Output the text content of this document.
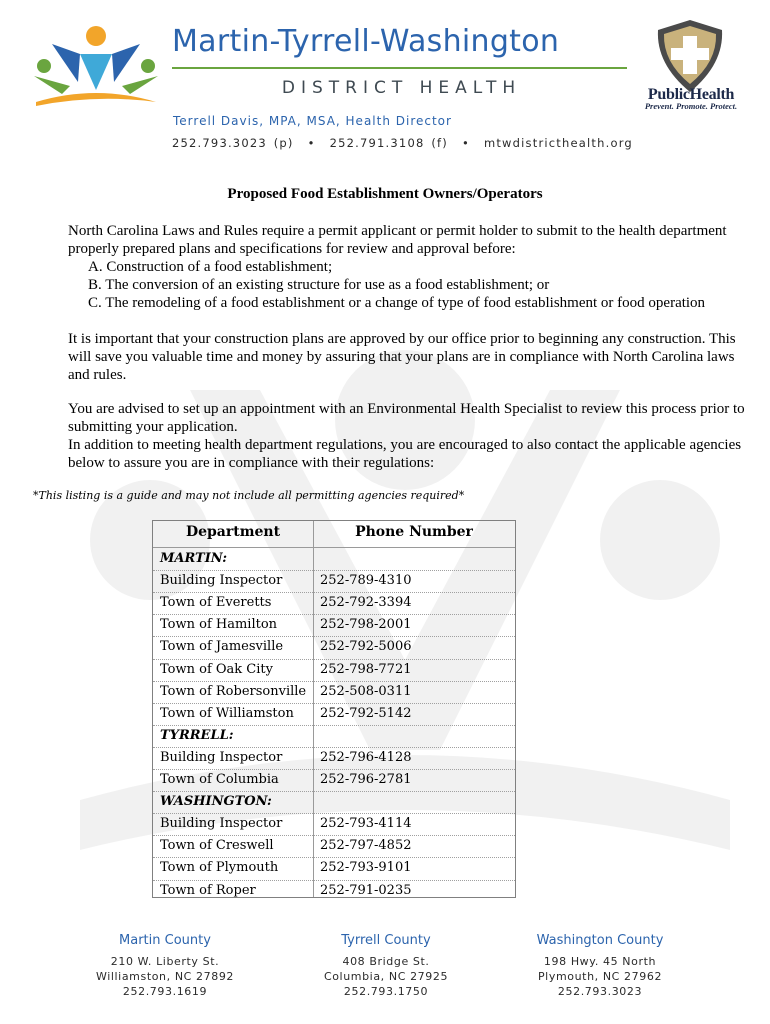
Martin-Tyrrell-Washington
DISTRICT HEALTH
Terrell Davis, MPA, MSA, Health Director
252.793.3023 (p) • 252.791.3108 (f) • mtwdistricthealth.org
PublicHealth
Prevent. Promote. Protect.
Proposed Food Establishment Owners/Operators

North Carolina Laws and Rules require a permit applicant or permit holder to submit to the health department properly prepared plans and specifications for review and approval before:

A. Construction of a food establishment;

B. The conversion of an existing structure for use as a food establishment; or

C. The remodeling of a food establishment or a change of type of food establishment or food operation

It is important that your construction plans are approved by our office prior to beginning any construction. This will save you valuable time and money by assuring that your plans are in compliance with North Carolina laws and rules.

You are advised to set up an appointment with an Environmental Health Specialist to review this process prior to submitting your application.

In addition to meeting health department regulations, you are encouraged to also contact the applicable agencies below to assure you are in compliance with their regulations:

*This listing is a guide and may not include all permitting agencies required*
Department	Phone Number
MARTIN:
Building Inspector	252-789-4310
Town of Everetts	252-792-3394
Town of Hamilton	252-798-2001
Town of Jamesville	252-792-5006
Town of Oak City	252-798-7721
Town of Robersonville 252-508-0311
Town of Williamston 252-792-5142
TYRRELL:
Building Inspector	252-796-4128
Town of Columbia	252-796-2781
WASHINGTON:
Building Inspector	252-793-4114
Town of Creswell	252-797-4852
Town of Plymouth	252-793-9101
Town of Roper	252-791-0235
Martin County
210 W. Liberty St.
Williamston, NC 27892
252.793.1619
Tyrrell County
408 Bridge St.
Columbia, NC 27925
252.793.1750
Washington County
198 Hwy. 45 North
Plymouth, NC 27962
252.793.3023
